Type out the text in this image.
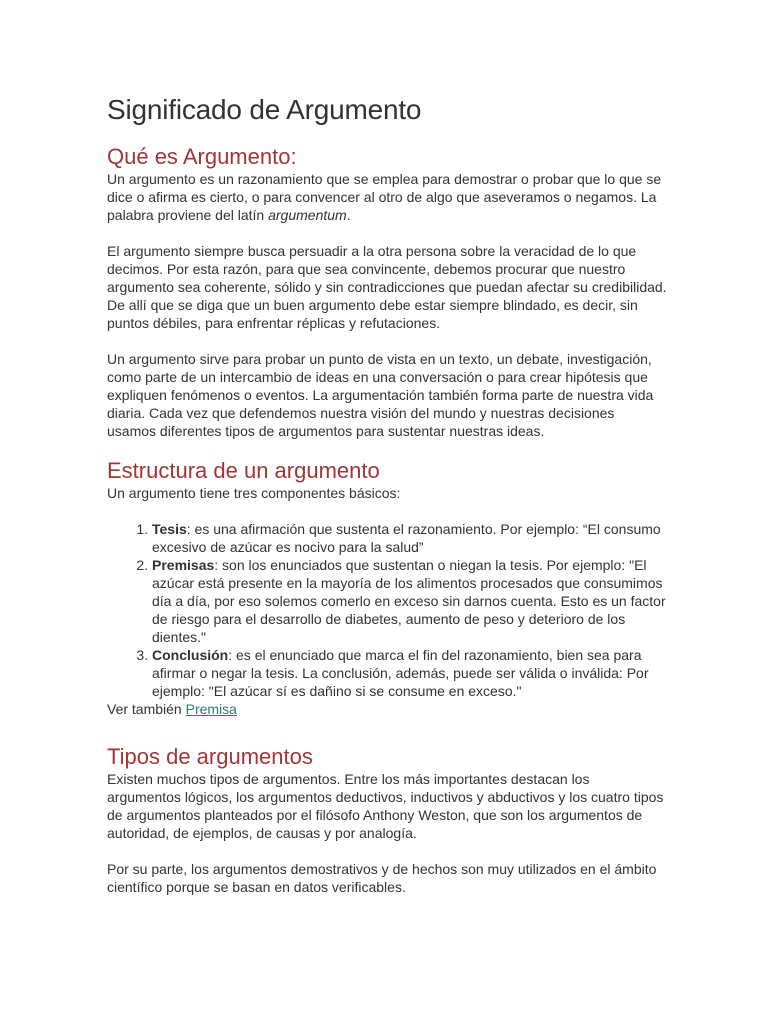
Significado de Argumento
Qué es Argumento:

Un argumento es un razonamiento que se emplea para demostrar o probar que lo que se dice o afirma es cierto, o para convencer al otro de algo que aseveramos o negamos. La palabra proviene del latín argumentum.

El argumento siempre busca persuadir a la otra persona sobre la veracidad de lo que decimos. Por esta razón, para que sea convincente, debemos procurar que nuestro argumento sea coherente, sólido y sin contradicciones que puedan afectar su credibilidad. De allí que se diga que un buen argumento debe estar siempre blindado, es decir, sin puntos débiles, para enfrentar réplicas y refutaciones.

Un argumento sirve para probar un punto de vista en un texto, un debate, investigación, como parte de un intercambio de ideas en una conversación o para crear hipótesis que expliquen fenómenos o eventos. La argumentación también forma parte de nuestra vida diaria. Cada vez que defendemos nuestra visión del mundo y nuestras decisiones usamos diferentes tipos de argumentos para sustentar nuestras ideas.

Estructura de un argumento

Un argumento tiene tres componentes básicos:

1. Tesis: es una afirmación que sustenta el razonamiento. Por ejemplo: “El consumo excesivo de azúcar es nocivo para la salud”
2. Premisas: son los enunciados que sustentan o niegan la tesis. Por ejemplo: "El azúcar está presente en la mayoría de los alimentos procesados que consumimos día a día, por eso solemos comerlo en exceso sin darnos cuenta. Esto es un factor de riesgo para el desarrollo de diabetes, aumento de peso y deterioro de los dientes."
3. Conclusión: es el enunciado que marca el fin del razonamiento, bien sea para afirmar o negar la tesis. La conclusión, además, puede ser válida o inválida: Por ejemplo: "El azúcar sí es dañino si se consume en exceso."

Ver también Premisa

Tipos de argumentos

Existen muchos tipos de argumentos. Entre los más importantes destacan los argumentos lógicos, los argumentos deductivos, inductivos y abductivos y los cuatro tipos de argumentos planteados por el filósofo Anthony Weston, que son los argumentos de autoridad, de ejemplos, de causas y por analogía.

Por su parte, los argumentos demostrativos y de hechos son muy utilizados en el ámbito científico porque se basan en datos verificables.
